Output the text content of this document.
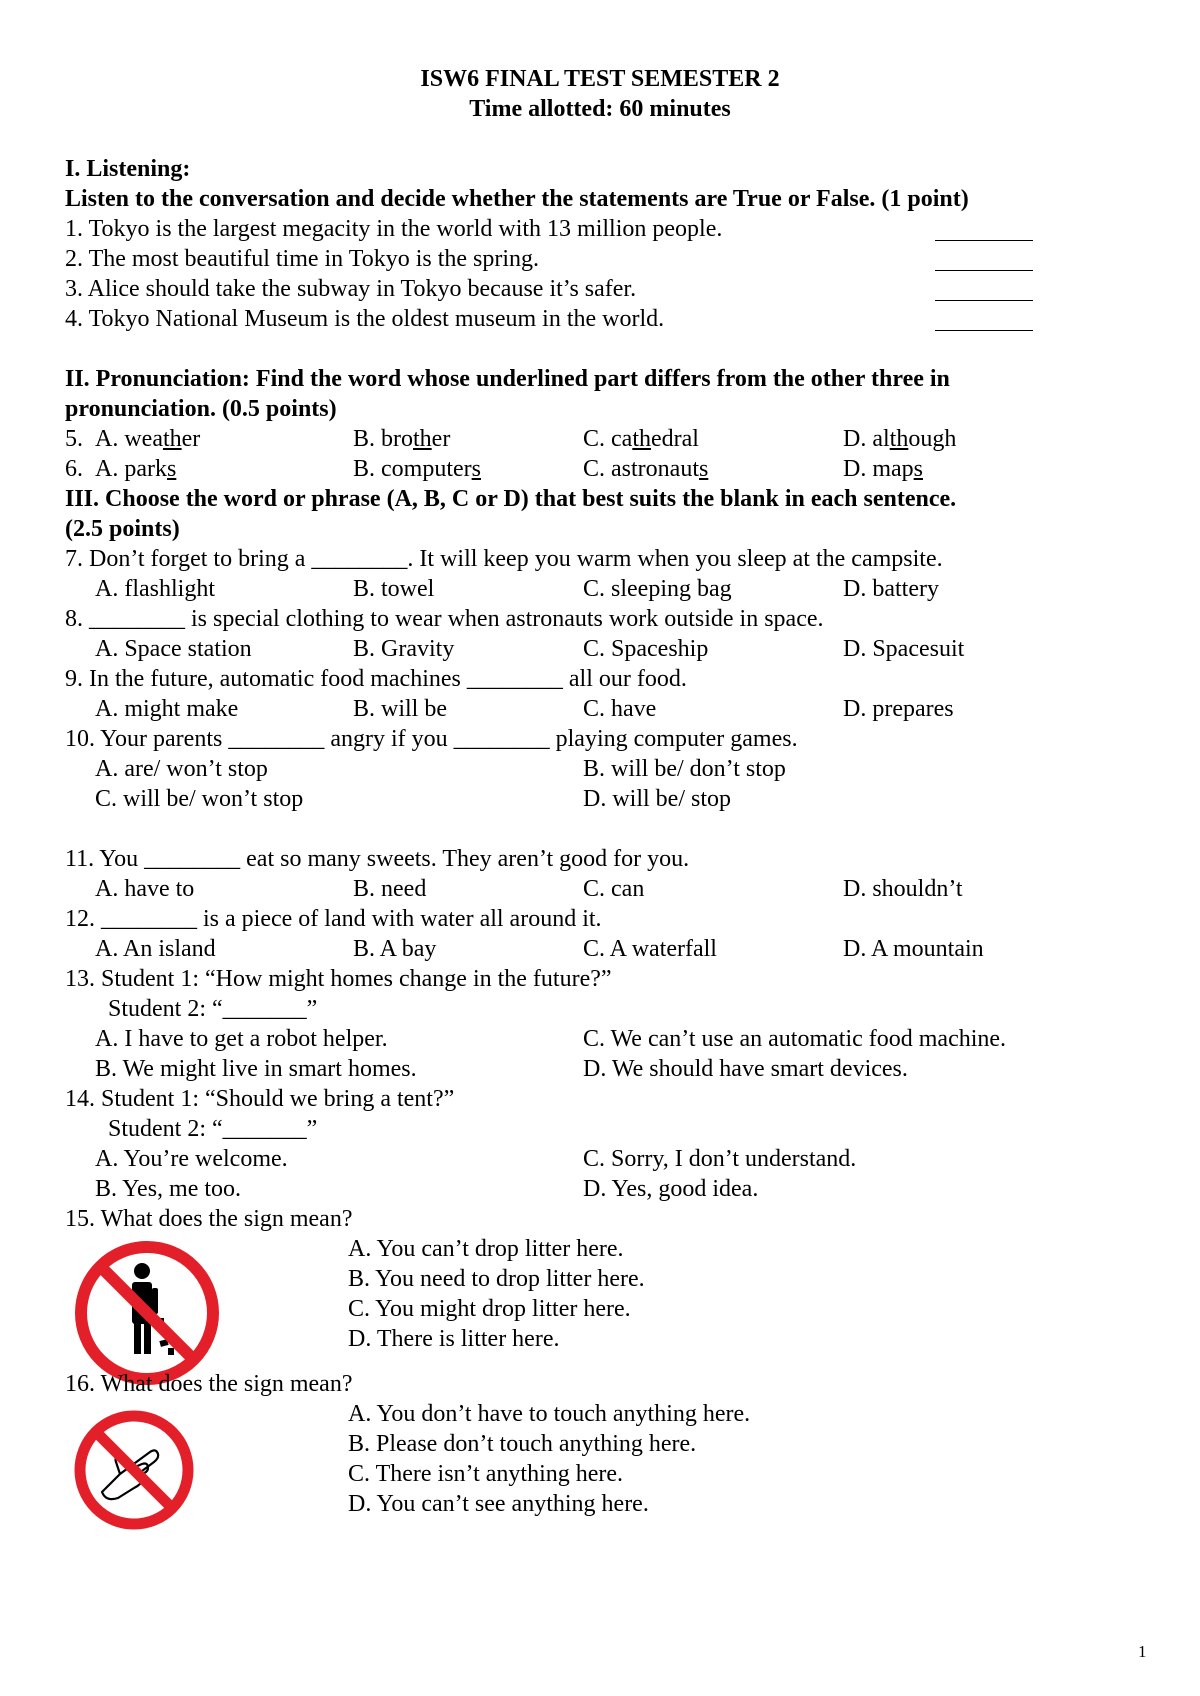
ISW6 FINAL TEST SEMESTER 2
Time allotted: 60 minutes
I. Listening:
Listen to the conversation and decide whether the statements are True or False. (1 point)
1. Tokyo is the largest megacity in the world with 13 million people.
2. The most beautiful time in Tokyo is the spring.
3. Alice should take the subway in Tokyo because it’s safer.
4. Tokyo National Museum is the oldest museum in the world.
II. Pronunciation: Find the word whose underlined part differs from the other three in
pronunciation. (0.5 points)
5. A. weather	B. brother	C. cathedral	D. although
6. A. parks	B. computers	C. astronauts	D. maps
III. Choose the word or phrase (A, B, C or D) that best suits the blank in each sentence.
(2.5 points)
7. Don’t forget to bring a ________. It will keep you warm when you sleep at the campsite.
A. flashlight	B. towel	C. sleeping bag	D. battery
8. ________ is special clothing to wear when astronauts work outside in space.
A. Space station	B. Gravity	C. Spaceship	D. Spacesuit
9. In the future, automatic food machines ________ all our food.
A. might make	B. will be	C. have	D. prepares
10. Your parents ________ angry if you ________ playing computer games.
A. are/ won’t stop	B. will be/ don’t stop
C. will be/ won’t stop	D. will be/ stop
11. You ________ eat so many sweets. They aren’t good for you.
A. have to	B. need	C. can	D. shouldn’t
12. ________ is a piece of land with water all around it.
A. An island	B. A bay	C. A waterfall	D. A mountain
13. Student 1: “How might homes change in the future?”
Student 2: “_______”
A. I have to get a robot helper.	C. We can’t use an automatic food machine.
B. We might live in smart homes.	D. We should have smart devices.
14. Student 1: “Should we bring a tent?”
Student 2: “_______”
A. You’re welcome.	C. Sorry, I don’t understand.
B. Yes, me too.	D. Yes, good idea.
15. What does the sign mean?
A. You can’t drop litter here.
B. You need to drop litter here.
C. You might drop litter here.
D. There is litter here.
16. What does the sign mean?
A. You don’t have to touch anything here.
B. Please don’t touch anything here.
C. There isn’t anything here.
D. You can’t see anything here.
1
